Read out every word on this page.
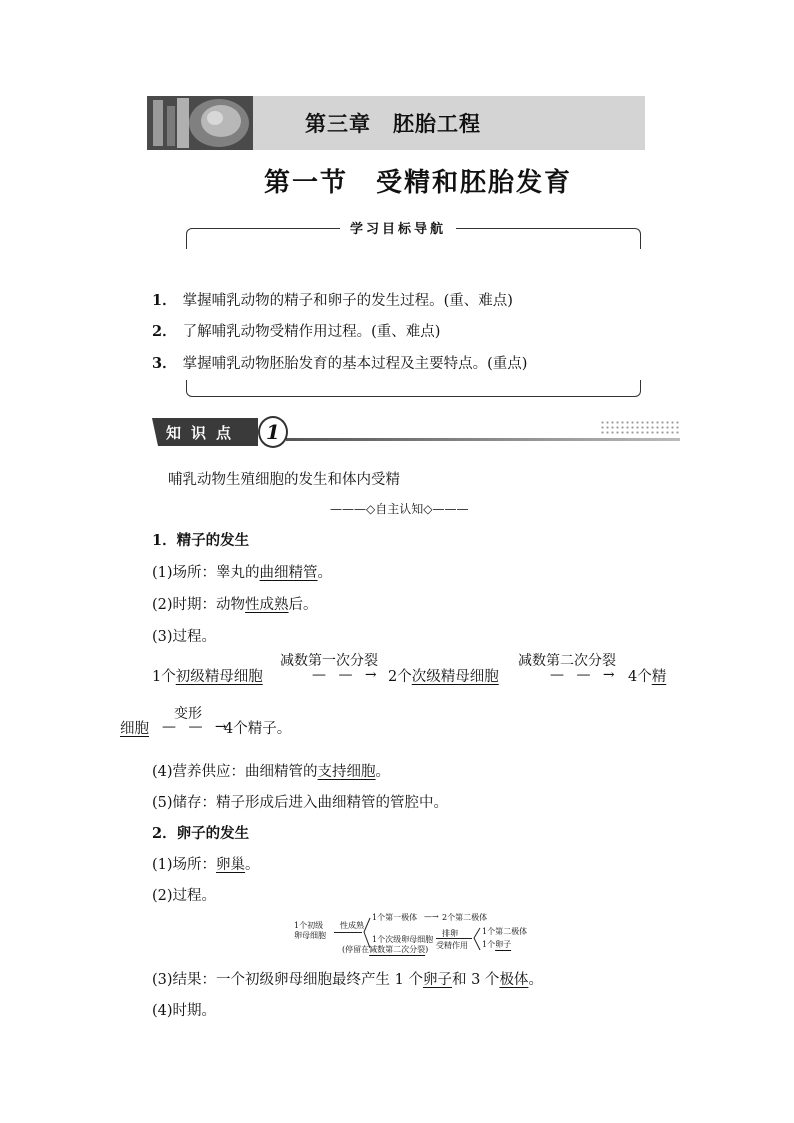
第三章　胚胎工程
第一节　受精和胚胎发育
学习目标导航
1． 掌握哺乳动物的精子和卵子的发生过程。(重、难点)
2． 了解哺乳动物受精作用过程。(重、难点)
3． 掌握哺乳动物胚胎发育的基本过程及主要特点。(重点)
知识点	1
哺乳动物生殖细胞的发生和体内受精
———◇自主认知◇———
1．精子的发生
(1)场所：睾丸的曲细精管。
(2)时期：动物性成熟后。
(3)过程。
1个初级精母细胞
减数第一次分裂
— — → 2个次级精母细胞
减数第二次分裂
— — → 4个精
细胞
变形
— — →
4个精子。
(4)营养供应：曲细精管的支持细胞。
(5)储存：精子形成后进入曲细精管的管腔中。
2．卵子的发生
(1)场所：卵巢。
(2)过程。
1个初级
卵母细胞
性成熟
1个第一极体 —→ 2个第二极体
1个次级卵母细胞
(停留在减数第二次分裂)
排卵
受精作用
1个第二极体
1个卵子
(3)结果：一个初级卵母细胞最终产生 1 个卵子和 3 个极体。
(4)时期。
